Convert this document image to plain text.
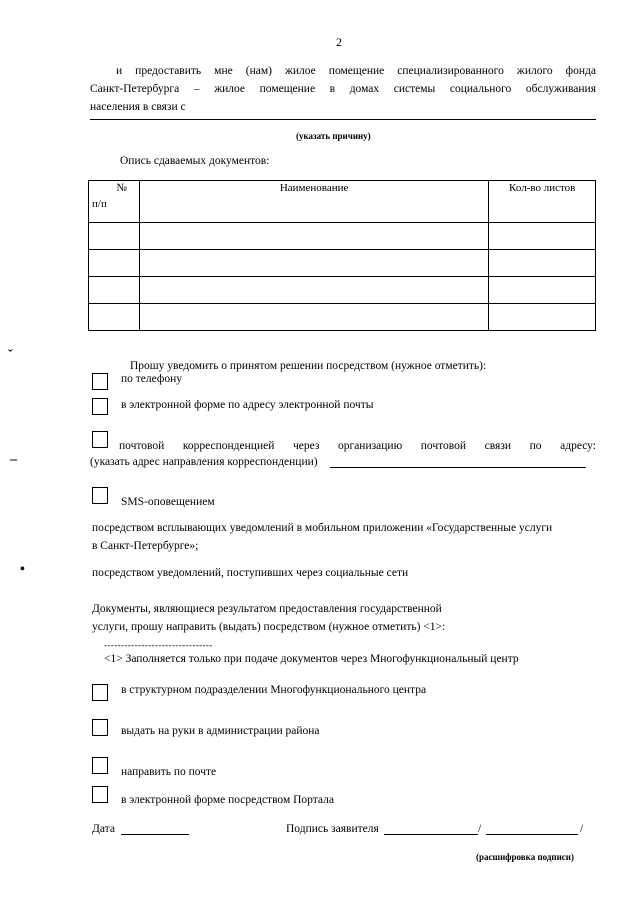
2
и предоставить мне (нам) жилое помещение специализированного жилого фонда
Санкт-Петербурга – жилое помещение в домах системы социального обслуживания
населения в связи с
(указать причину)
Опись сдаваемых документов:
№
п/п	Наименование	Кол-во листов

ˇ
–
•
Прошу уведомить о принятом решении посредством (нужное отметить):
по телефону
в электронной форме по адресу электронной почты
почтовой корреспонденцией через организацию почтовой связи по адресу:
(указать адрес направления корреспонденции)
SMS-оповещением
посредством всплывающих уведомлений в мобильном приложении «Государственные услуги
в Санкт-Петербурге»;
посредством уведомлений, поступивших через социальные сети
Документы, являющиеся результатом предоставления государственной
услуги, прошу направить (выдать) посредством (нужное отметить) <1>:
--------------------------------
<1> Заполняется только при подаче документов через Многофункциональный центр
в структурном подразделении Многофункционального центра
выдать на руки в администрации района
направить по почте
в электронной форме посредством Портала
Дата	Подпись заявителя	/	/
(расшифровка подписи)
